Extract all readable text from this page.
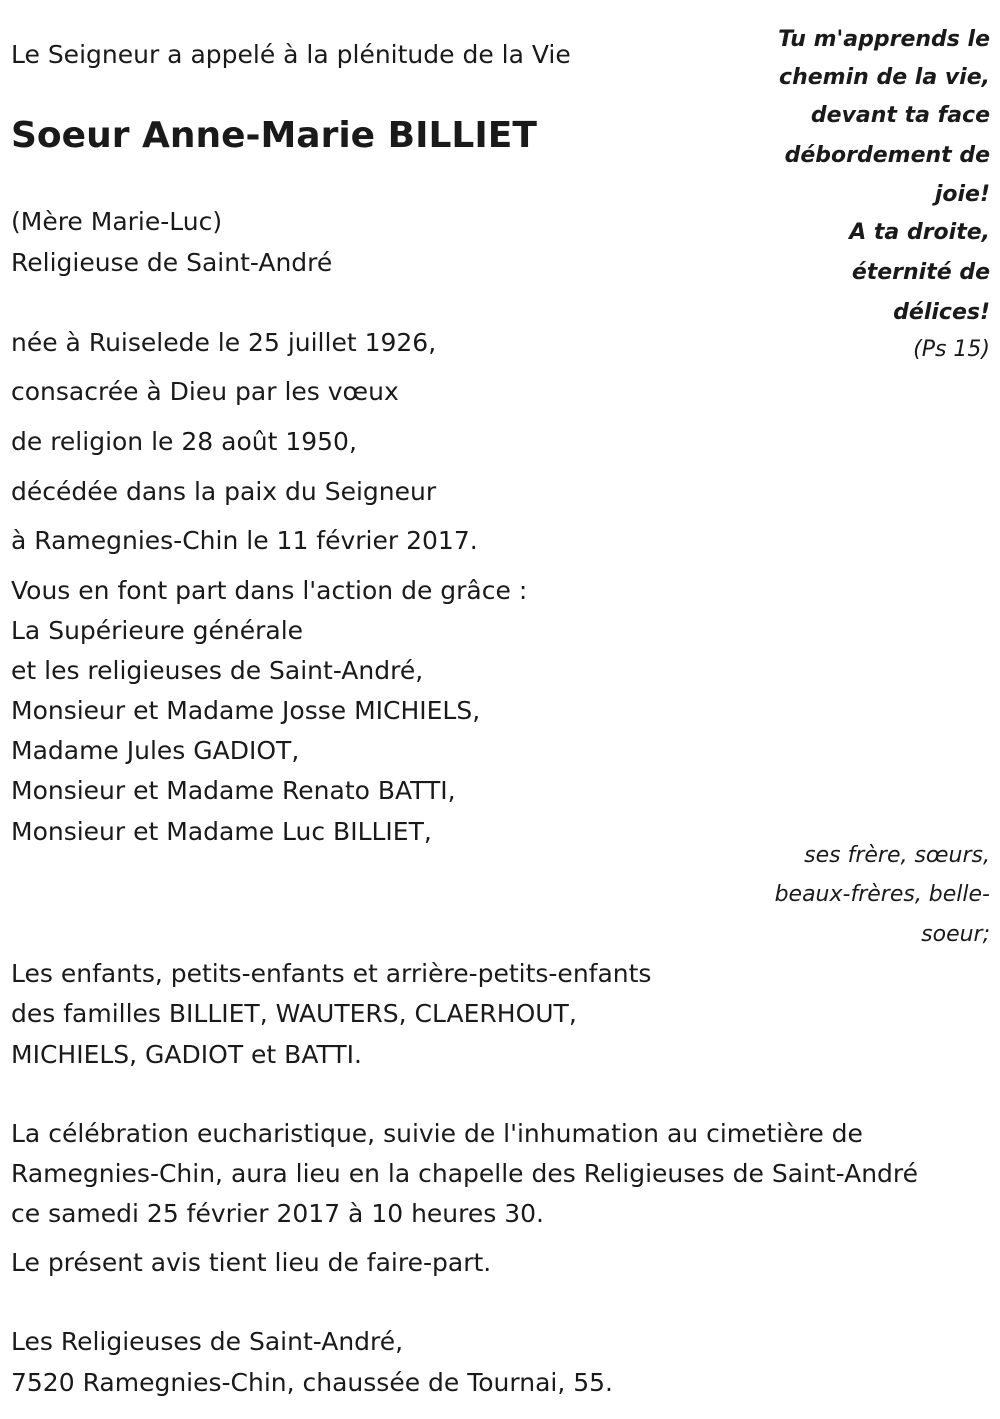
Le Seigneur a appelé à la plénitude de la Vie
Soeur Anne-Marie BILLIET
(Mère Marie-Luc)
Religieuse de Saint-André
née à Ruiselede le 25 juillet 1926,
consacrée à Dieu par les vœux
de religion le 28 août 1950,
décédée dans la paix du Seigneur
à Ramegnies-Chin le 11 février 2017.
Vous en font part dans l'action de grâce :
La Supérieure générale
et les religieuses de Saint-André,
Monsieur et Madame Josse MICHIELS,
Madame Jules GADIOT,
Monsieur et Madame Renato BATTI,
Monsieur et Madame Luc BILLIET,
ses frère, sœurs,
beaux-frères, belle-
soeur;
Les enfants, petits-enfants et arrière-petits-enfants
des familles BILLIET, WAUTERS, CLAERHOUT,
MICHIELS, GADIOT et BATTI.
La célébration eucharistique, suivie de l'inhumation au cimetière de
Ramegnies-Chin, aura lieu en la chapelle des Religieuses de Saint-André
ce samedi 25 février 2017 à 10 heures 30.
Le présent avis tient lieu de faire-part.
Les Religieuses de Saint-André,
7520 Ramegnies-Chin, chaussée de Tournai, 55.
Tu m'apprends le
chemin de la vie,
devant ta face
débordement de
joie!
A ta droite,
éternité de
délices!
(Ps 15)
